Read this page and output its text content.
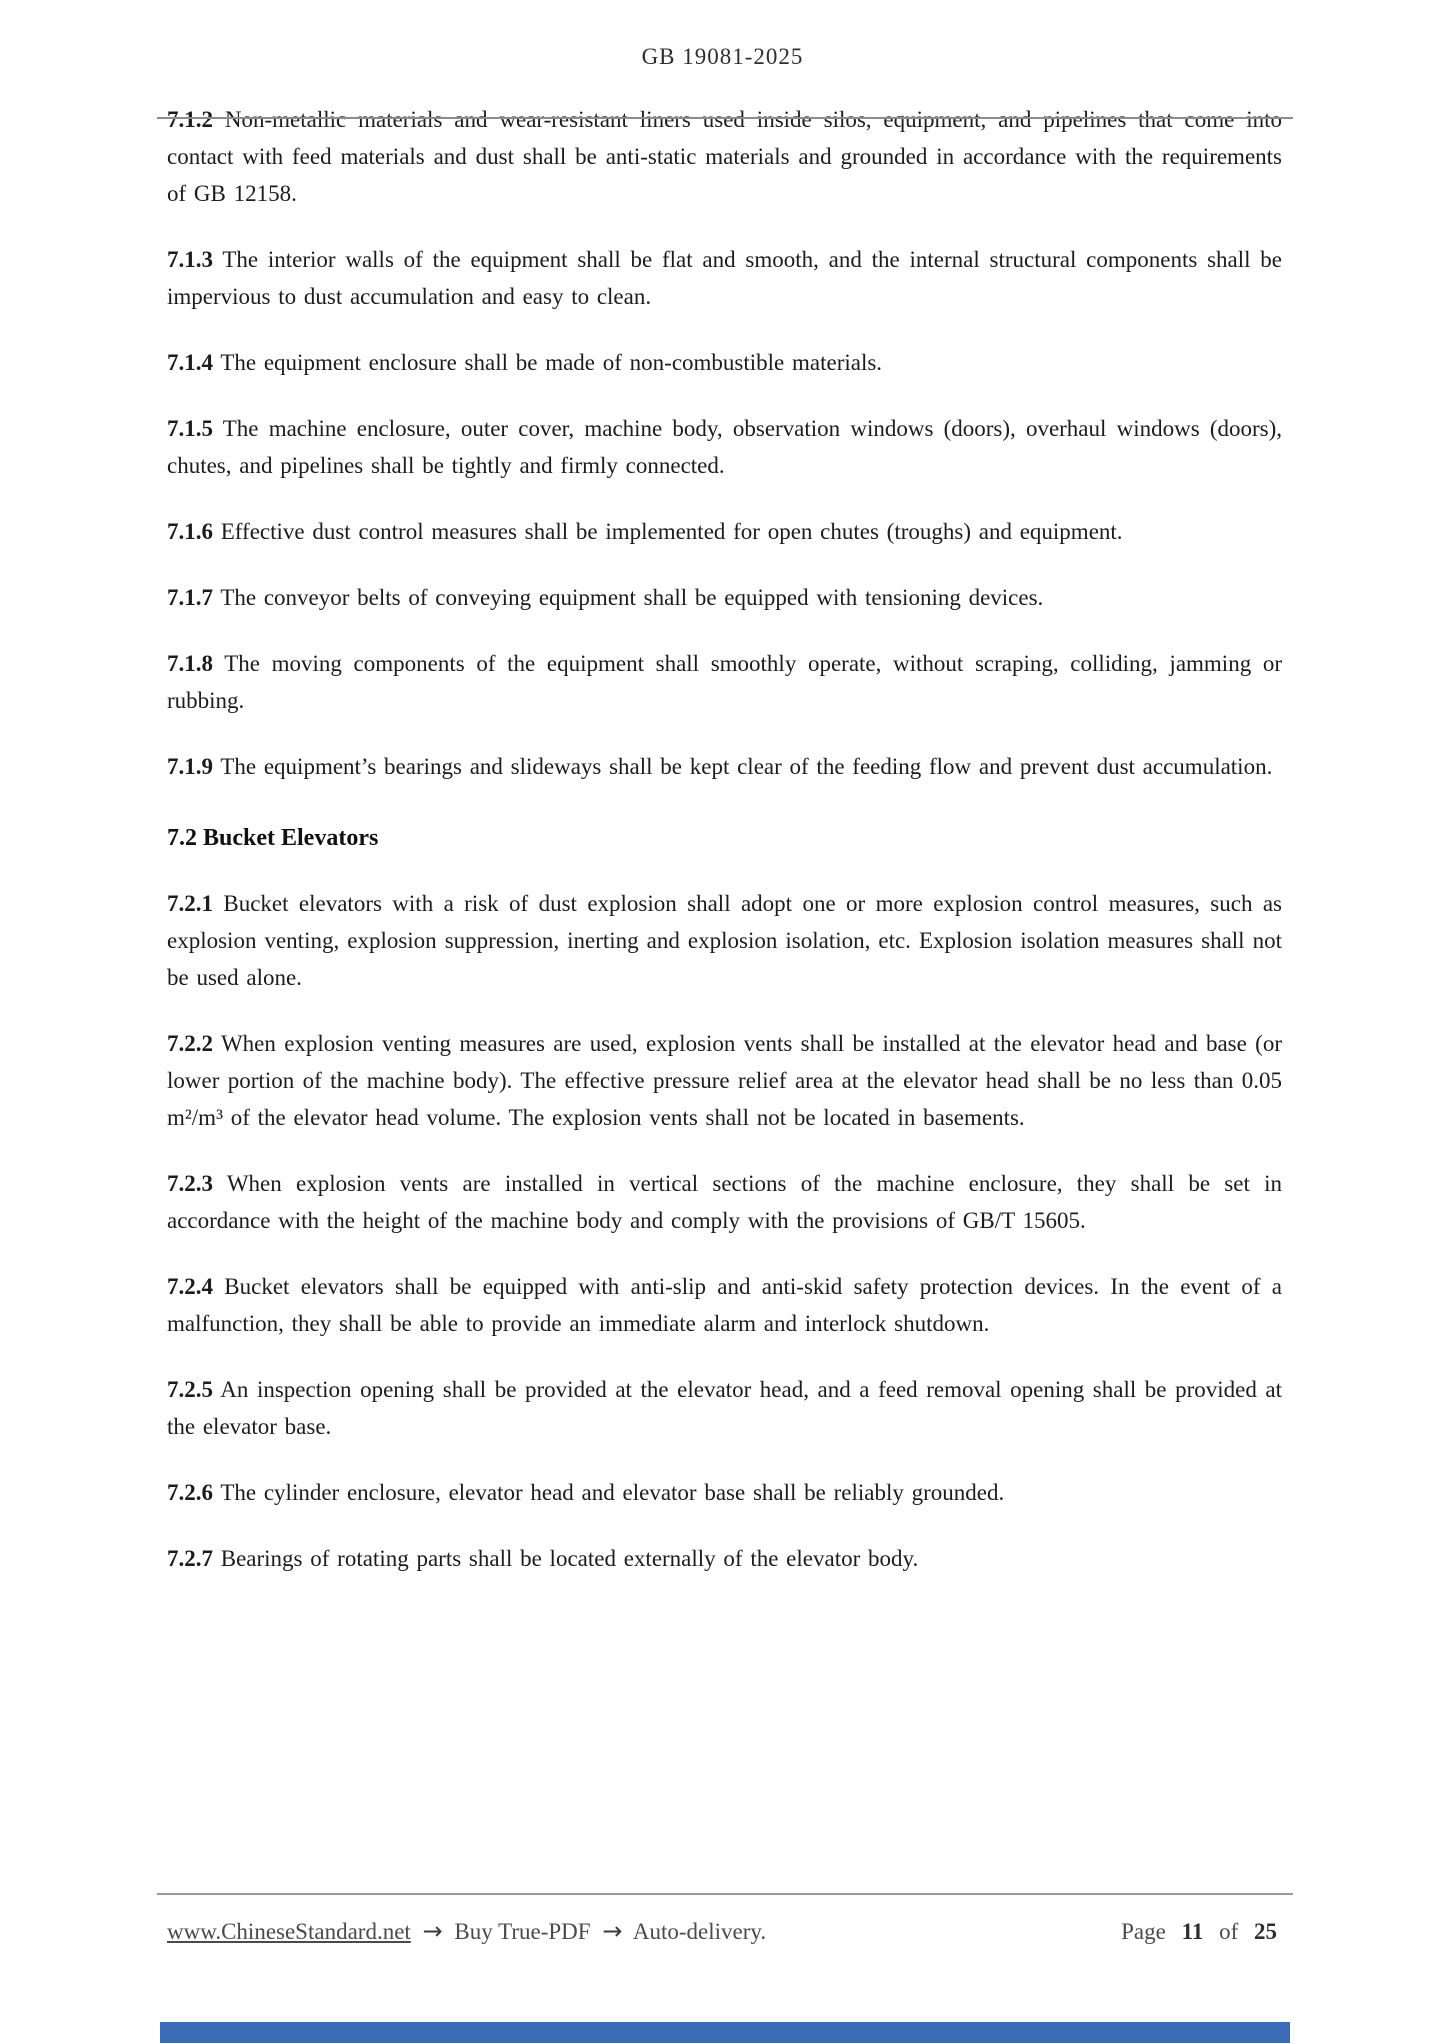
GB 19081-2025

7.1.2 Non-metallic materials and wear-resistant liners used inside silos, equipment, and pipelines that come into contact with feed materials and dust shall be anti-static materials and grounded in accordance with the requirements of GB 12158.

7.1.3 The interior walls of the equipment shall be flat and smooth, and the internal structural components shall be impervious to dust accumulation and easy to clean.

7.1.4 The equipment enclosure shall be made of non-combustible materials.

7.1.5 The machine enclosure, outer cover, machine body, observation windows (doors), overhaul windows (doors), chutes, and pipelines shall be tightly and firmly connected.

7.1.6 Effective dust control measures shall be implemented for open chutes (troughs) and equipment.

7.1.7 The conveyor belts of conveying equipment shall be equipped with tensioning devices.

7.1.8 The moving components of the equipment shall smoothly operate, without scraping, colliding, jamming or rubbing.

7.1.9 The equipment’s bearings and slideways shall be kept clear of the feeding flow and prevent dust accumulation.

7.2 Bucket Elevators

7.2.1 Bucket elevators with a risk of dust explosion shall adopt one or more explosion control measures, such as explosion venting, explosion suppression, inerting and explosion isolation, etc. Explosion isolation measures shall not be used alone.

7.2.2 When explosion venting measures are used, explosion vents shall be installed at the elevator head and base (or lower portion of the machine body). The effective pressure relief area at the elevator head shall be no less than 0.05 m²/m³ of the elevator head volume. The explosion vents shall not be located in basements.

7.2.3 When explosion vents are installed in vertical sections of the machine enclosure, they shall be set in accordance with the height of the machine body and comply with the provisions of GB/T 15605.

7.2.4 Bucket elevators shall be equipped with anti-slip and anti-skid safety protection devices. In the event of a malfunction, they shall be able to provide an immediate alarm and interlock shutdown.

7.2.5 An inspection opening shall be provided at the elevator head, and a feed removal opening shall be provided at the elevator base.

7.2.6 The cylinder enclosure, elevator head and elevator base shall be reliably grounded.

7.2.7 Bearings of rotating parts shall be located externally of the elevator body.

www.ChineseStandard.net → Buy True-PDF → Auto-delivery.	Page 11 of 25
